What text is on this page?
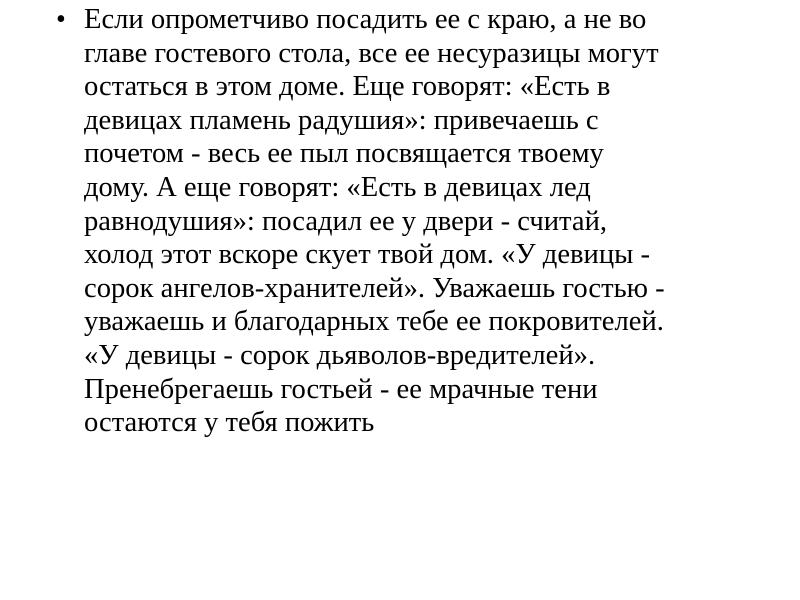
• Если опрометчиво посадить ее с краю, а не во
главе гостевого стола, все ее несуразицы могут
остаться в этом доме. Еще говорят: «Есть в
девицах пламень радушия»: привечаешь с
почетом - весь ее пыл посвящается твоему
дому. А еще говорят: «Есть в девицах лед
равнодушия»: посадил ее у двери - считай,
холод этот вскоре скует твой дом. «У девицы -
сорок ангелов-хранителей». Уважаешь гостью -
уважаешь и благодарных тебе ее покровителей.
«У девицы - сорок дьяволов-вредителей».
Пренебрегаешь гостьей - ее мрачные тени
остаются у тебя пожить
